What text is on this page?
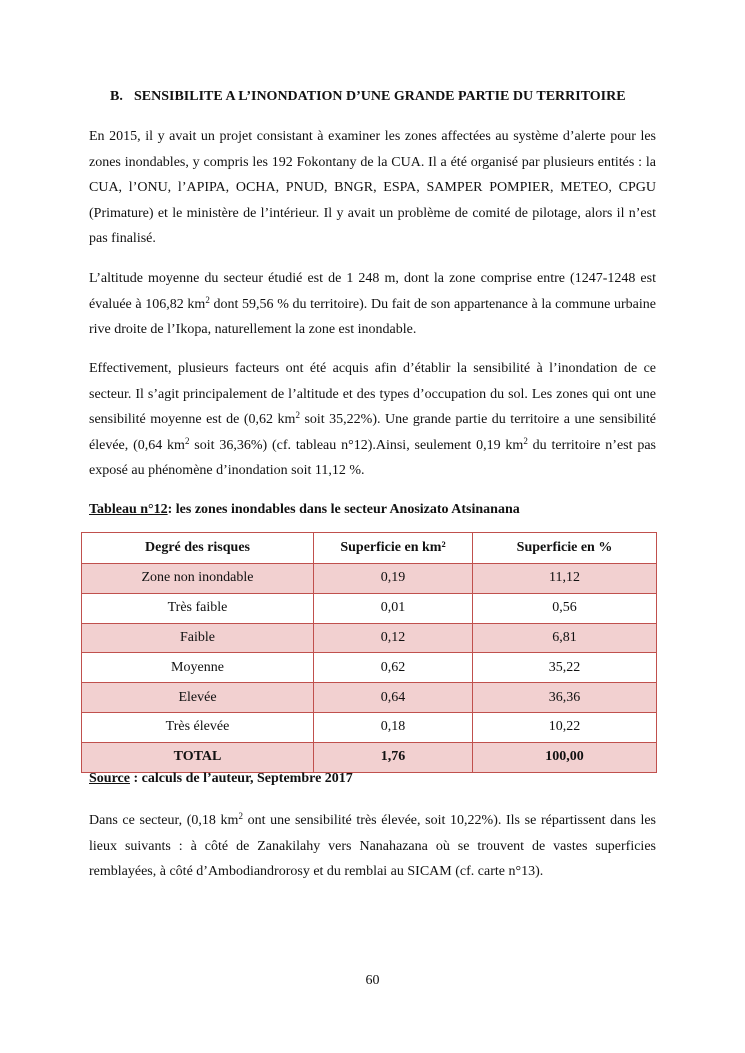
B. SENSIBILITE A L’INONDATION D’UNE GRANDE PARTIE DU TERRITOIRE

En 2015, il y avait un projet consistant à examiner les zones affectées au système d’alerte pour les zones inondables, y compris les 192 Fokontany de la CUA. Il a été organisé par plusieurs entités : la CUA, l’ONU, l’APIPA, OCHA, PNUD, BNGR, ESPA, SAMPER POMPIER, METEO, CPGU (Primature) et le ministère de l’intérieur. Il y avait un problème de comité de pilotage, alors il n’est pas finalisé.

L’altitude moyenne du secteur étudié est de 1 248 m, dont la zone comprise entre (1247-1248 est évaluée à 106,82 $km^2$ dont 59,56 % du territoire). Du fait de son appartenance à la commune urbaine rive droite de l’Ikopa, naturellement la zone est inondable.

Effectivement, plusieurs facteurs ont été acquis afin d’établir la sensibilité à l’inondation de ce secteur. Il s’agit principalement de l’altitude et des types d’occupation du sol. Les zones qui ont une sensibilité moyenne est de (0,62 $km^2$ soit 35,22%). Une grande partie du territoire a une sensibilité élevée, (0,64 $km^2$ soit 36,36%) (cf. tableau n°12).Ainsi, seulement 0,19 $km^2$ du territoire n’est pas exposé au phénomène d’inondation soit 11,12 %.

Tableau n°12: les zones inondables dans le secteur Anosizato Atsinanana
Degré des risques	Superficie en km²	Superficie en %
Zone non inondable	0,19	11,12
Très faible	0,01	0,56
Faible	0,12	6,81
Moyenne	0,62	35,22
Elevée	0,64	36,36
Très élevée	0,18	10,22
TOTAL	1,76	100,00
Source : calculs de l’auteur, Septembre 2017

Dans ce secteur, (0,18 $km^2$ ont une sensibilité très élevée, soit 10,22%). Ils se répartissent dans les lieux suivants : à côté de Zanakilahy vers Nanahazana où se trouvent de vastes superficies remblayées, à côté d’Ambodiandrorosy et du remblai au SICAM (cf. carte n°13).

60
